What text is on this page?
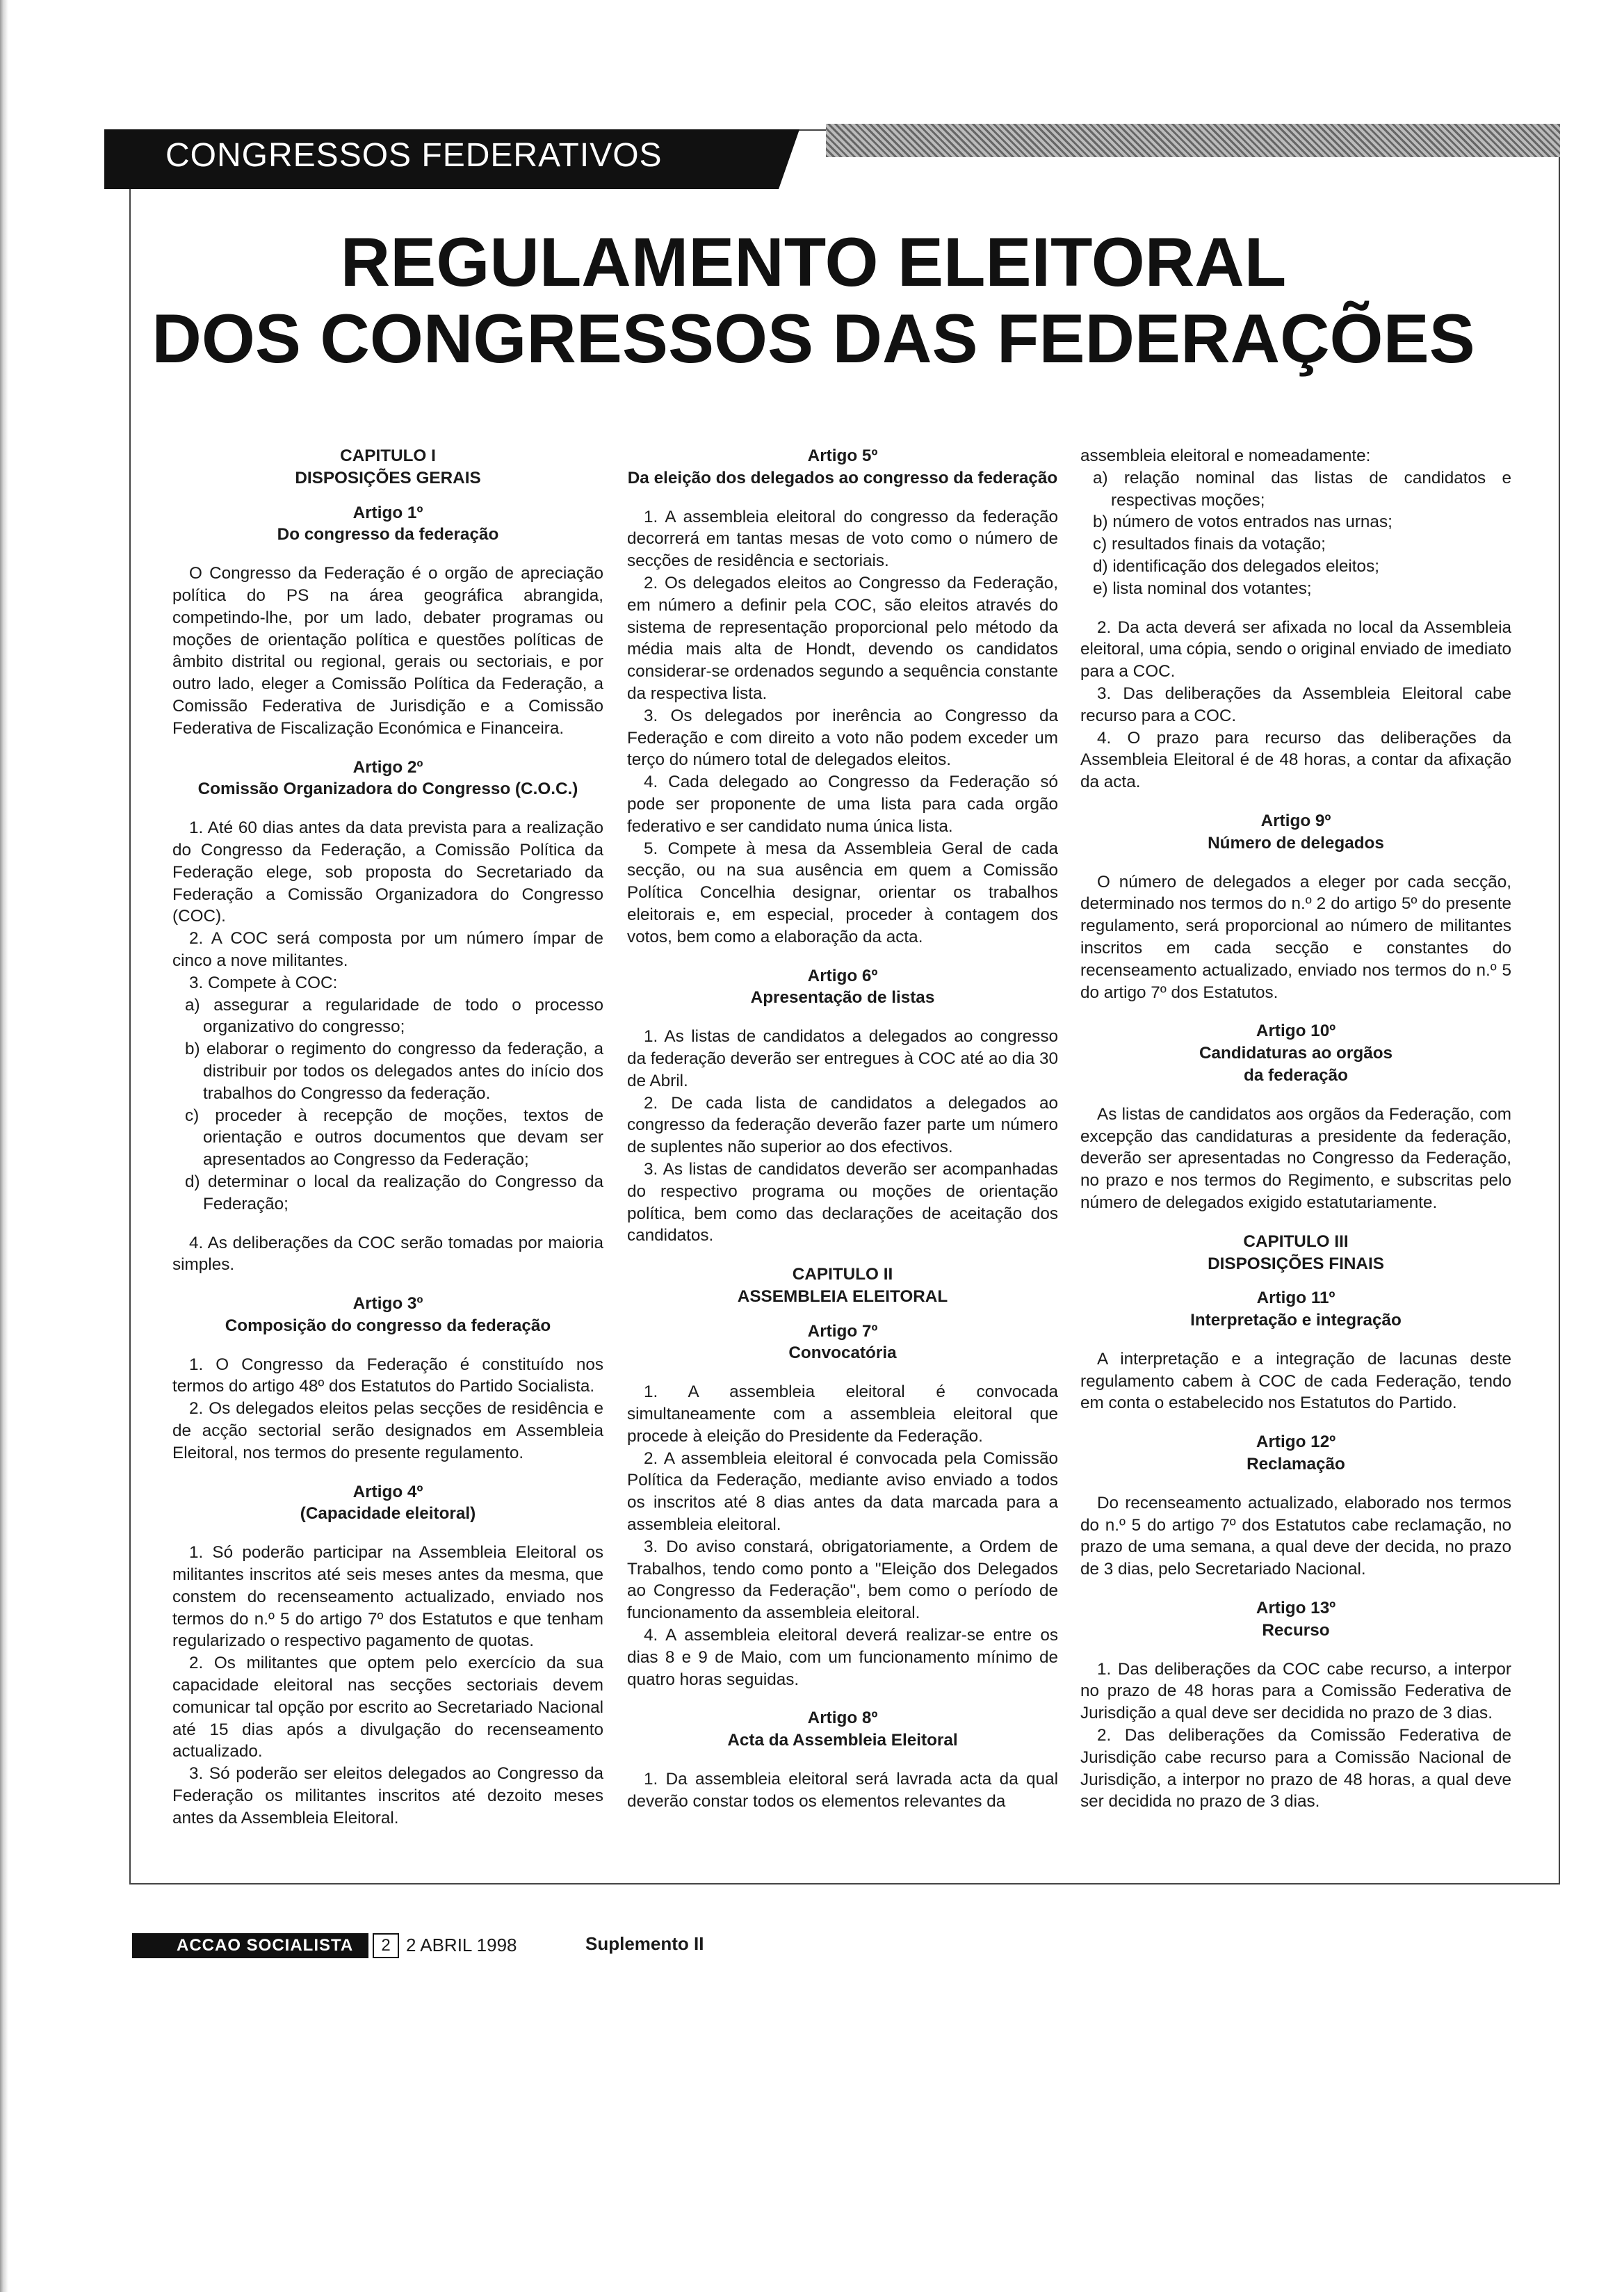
CONGRESSOS FEDERATIVOS
REGULAMENTO ELEITORAL
DOS CONGRESSOS DAS FEDERAÇÕES
CAPITULO I
DISPOSIÇÕES GERAIS
Artigo 1º
Do congresso da federação

O Congresso da Federação é o orgão de apreciação política do PS na área geográfica abrangida, competindo-lhe, por um lado, debater programas ou moções de orientação política e questões políticas de âmbito distrital ou regional, gerais ou sectoriais, e por outro lado, eleger a Comissão Política da Federação, a Comissão Federativa de Jurisdição e a Comissão Federativa de Fiscalização Económica e Financeira.

Artigo 2º
Comissão Organizadora do Congresso (C.O.C.)

1. Até 60 dias antes da data prevista para a realização do Congresso da Federação, a Comissão Política da Federação elege, sob proposta do Secretariado da Federação a Comissão Organizadora do Congresso (COC).

2. A COC será composta por um número ímpar de cinco a nove militantes.

3. Compete à COC:

a) assegurar a regularidade de todo o processo organizativo do congresso;
b) elaborar o regimento do congresso da federação, a distribuir por todos os delegados antes do início dos trabalhos do Congresso da federação.
c) proceder à recepção de moções, textos de orientação e outros documentos que devam ser apresentados ao Congresso da Federação;
d) determinar o local da realização do Congresso da Federação;

4. As deliberações da COC serão tomadas por maioria simples.

Artigo 3º
Composição do congresso da federação

1. O Congresso da Federação é constituído nos termos do artigo 48º dos Estatutos do Partido Socialista.

2. Os delegados eleitos pelas secções de residência e de acção sectorial serão designados em Assembleia Eleitoral, nos termos do presente regulamento.

Artigo 4º
(Capacidade eleitoral)

1. Só poderão participar na Assembleia Eleitoral os militantes inscritos até seis meses antes da mesma, que constem do recenseamento actualizado, enviado nos termos do n.º 5 do artigo 7º dos Estatutos e que tenham regularizado o respectivo pagamento de quotas.

2. Os militantes que optem pelo exercício da sua capacidade eleitoral nas secções sectoriais devem comunicar tal opção por escrito ao Secretariado Nacional até 15 dias após a divulgação do recenseamento actualizado.

3. Só poderão ser eleitos delegados ao Congresso da Federação os militantes inscritos até dezoito meses antes da Assembleia Eleitoral.

Artigo 5º
Da eleição dos delegados ao congresso da federação

1. A assembleia eleitoral do congresso da federação decorrerá em tantas mesas de voto como o número de secções de residência e sectoriais.

2. Os delegados eleitos ao Congresso da Federação, em número a definir pela COC, são eleitos através do sistema de representação proporcional pelo método da média mais alta de Hondt, devendo os candidatos considerar-se ordenados segundo a sequência constante da respectiva lista.

3. Os delegados por inerência ao Congresso da Federação e com direito a voto não podem exceder um terço do número total de delegados eleitos.

4. Cada delegado ao Congresso da Federação só pode ser proponente de uma lista para cada orgão federativo e ser candidato numa única lista.

5. Compete à mesa da Assembleia Geral de cada secção, ou na sua ausência em quem a Comissão Política Concelhia designar, orientar os trabalhos eleitorais e, em especial, proceder à contagem dos votos, bem como a elaboração da acta.

Artigo 6º
Apresentação de listas

1. As listas de candidatos a delegados ao congresso da federação deverão ser entregues à COC até ao dia 30 de Abril.

2. De cada lista de candidatos a delegados ao congresso da federação deverão fazer parte um número de suplentes não superior ao dos efectivos.

3. As listas de candidatos deverão ser acompanhadas do respectivo programa ou moções de orientação política, bem como das declarações de aceitação dos candidatos.

CAPITULO II
ASSEMBLEIA ELEITORAL
Artigo 7º
Convocatória

1. A assembleia eleitoral é convocada simultaneamente com a assembleia eleitoral que procede à eleição do Presidente da Federação.

2. A assembleia eleitoral é convocada pela Comissão Política da Federação, mediante aviso enviado a todos os inscritos até 8 dias antes da data marcada para a assembleia eleitoral.

3. Do aviso constará, obrigatoriamente, a Ordem de Trabalhos, tendo como ponto a "Eleição dos Delegados ao Congresso da Federação", bem como o período de funcionamento da assembleia eleitoral.

4. A assembleia eleitoral deverá realizar-se entre os dias 8 e 9 de Maio, com um funcionamento mínimo de quatro horas seguidas.

Artigo 8º
Acta da Assembleia Eleitoral

1. Da assembleia eleitoral será lavrada acta da qual deverão constar todos os elementos relevantes da

assembleia eleitoral e nomeadamente:

a) relação nominal das listas de candidatos e respectivas moções;
b) número de votos entrados nas urnas;
c) resultados finais da votação;
d) identificação dos delegados eleitos;
e) lista nominal dos votantes;

2. Da acta deverá ser afixada no local da Assembleia eleitoral, uma cópia, sendo o original enviado de imediato para a COC.

3. Das deliberações da Assembleia Eleitoral cabe recurso para a COC.

4. O prazo para recurso das deliberações da Assembleia Eleitoral é de 48 horas, a contar da afixação da acta.

Artigo 9º
Número de delegados

O número de delegados a eleger por cada secção, determinado nos termos do n.º 2 do artigo 5º do presente regulamento, será proporcional ao número de militantes inscritos em cada secção e constantes do recenseamento actualizado, enviado nos termos do n.º 5 do artigo 7º dos Estatutos.

Artigo 10º
Candidaturas ao orgãos
da federação

As listas de candidatos aos orgãos da Federação, com excepção das candidaturas a presidente da federação, deverão ser apresentadas no Congresso da Federação, no prazo e nos termos do Regimento, e subscritas pelo número de delegados exigido estatutariamente.

CAPITULO III
DISPOSIÇÕES FINAIS
Artigo 11º
Interpretação e integração

A interpretação e a integração de lacunas deste regulamento cabem à COC de cada Federação, tendo em conta o estabelecido nos Estatutos do Partido.

Artigo 12º
Reclamação

Do recenseamento actualizado, elaborado nos termos do n.º 5 do artigo 7º dos Estatutos cabe reclamação, no prazo de uma semana, a qual deve der decida, no prazo de 3 dias, pelo Secretariado Nacional.

Artigo 13º
Recurso

1. Das deliberações da COC cabe recurso, a interpor no prazo de 48 horas para a Comissão Federativa de Jurisdição a qual deve ser decidida no prazo de 3 dias.

2. Das deliberações da Comissão Federativa de Jurisdição cabe recurso para a Comissão Nacional de Jurisdição, a interpor no prazo de 48 horas, a qual deve ser decidida no prazo de 3 dias.

ACCAO SOCIALISTA	2 2 ABRIL 1998	Suplemento II
